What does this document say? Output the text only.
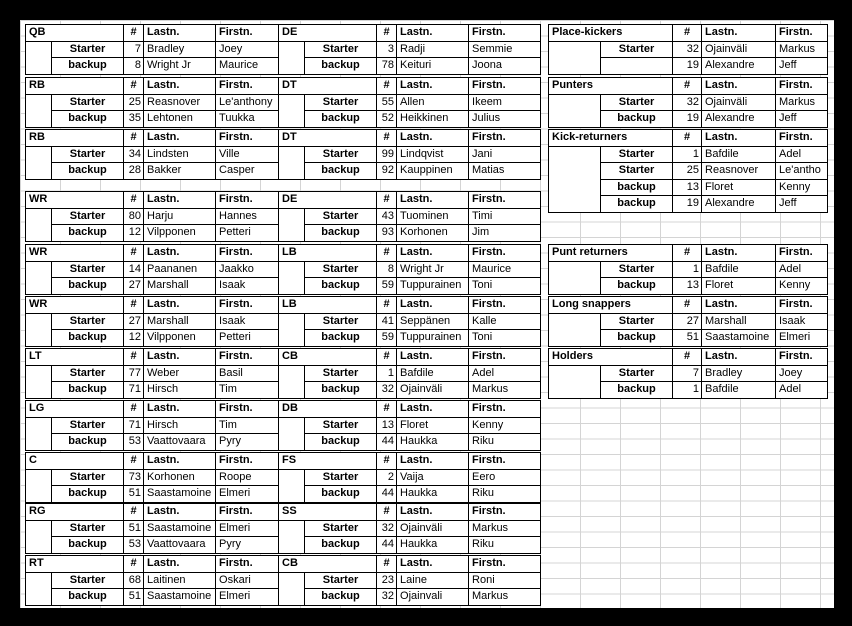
QB		#	Lastn.	Firstn.
	Starter	7	Bradley	Joey
	backup	8	Wright Jr	Maurice
RB		#	Lastn.	Firstn.
	Starter	25	Reasnover	Le'anthony
	backup	35	Lehtonen	Tuukka
RB		#	Lastn.	Firstn.
	Starter	34	Lindsten	Ville
	backup	28	Bakker	Casper
WR		#	Lastn.	Firstn.
	Starter	80	Harju	Hannes
	backup	12	Vilpponen	Petteri
WR		#	Lastn.	Firstn.
	Starter	14	Paananen	Jaakko
	backup	27	Marshall	Isaak
WR		#	Lastn.	Firstn.
	Starter	27	Marshall	Isaak
	backup	12	Vilpponen	Petteri
LT		#	Lastn.	Firstn.
	Starter	77	Weber	Basil
	backup	71	Hirsch	Tim
LG		#	Lastn.	Firstn.
	Starter	71	Hirsch	Tim
	backup	53	Vaattovaara	Pyry
C		#	Lastn.	Firstn.
	Starter	73	Korhonen	Roope
	backup	51	Saastamoine	Elmeri
RG		#	Lastn.	Firstn.
	Starter	51	Saastamoine	Elmeri
	backup	53	Vaattovaara	Pyry
RT		#	Lastn.	Firstn.
	Starter	68	Laitinen	Oskari
	backup	51	Saastamoine	Elmeri
DE		#	Lastn.	Firstn.
	Starter	3	Radji	Semmie
	backup	78	Keituri	Joona
DT		#	Lastn.	Firstn.
	Starter	55	Allen	Ikeem
	backup	52	Heikkinen	Julius
DT		#	Lastn.	Firstn.
	Starter	99	Lindqvist	Jani
	backup	92	Kauppinen	Matias
DE		#	Lastn.	Firstn.
	Starter	43	Tuominen	Timi
	backup	93	Korhonen	Jim
LB		#	Lastn.	Firstn.
	Starter	8	Wright Jr	Maurice
	backup	59	Tuppurainen	Toni
LB		#	Lastn.	Firstn.
	Starter	41	Seppänen	Kalle
	backup	59	Tuppurainen	Toni
CB		#	Lastn.	Firstn.
	Starter	1	Bafdile	Adel
	backup	32	Ojainväli	Markus
DB		#	Lastn.	Firstn.
	Starter	13	Floret	Kenny
	backup	44	Haukka	Riku
FS		#	Lastn.	Firstn.
	Starter	2	Vaija	Eero
	backup	44	Haukka	Riku
SS		#	Lastn.	Firstn.
	Starter	32	Ojainväli	Markus
	backup	44	Haukka	Riku
CB		#	Lastn.	Firstn.
	Starter	23	Laine	Roni
	backup	32	Ojainvali	Markus
Place-kickers		#	Lastn.	Firstn.
	Starter	32	Ojainväli	Markus
		19	Alexandre	Jeff
Punters		#	Lastn.	Firstn.
	Starter	32	Ojainväli	Markus
	backup	19	Alexandre	Jeff
Kick-returners		#	Lastn.	Firstn.
	Starter	1	Bafdile	Adel
	Starter	25	Reasnover	Le'antho
	backup	13	Floret	Kenny
	backup	19	Alexandre	Jeff
Punt returners		#	Lastn.	Firstn.
	Starter	1	Bafdile	Adel
	backup	13	Floret	Kenny
Long snappers		#	Lastn.	Firstn.
	Starter	27	Marshall	Isaak
	backup	51	Saastamoine	Elmeri
Holders		#	Lastn.	Firstn.
	Starter	7	Bradley	Joey
	backup	1	Bafdile	Adel
